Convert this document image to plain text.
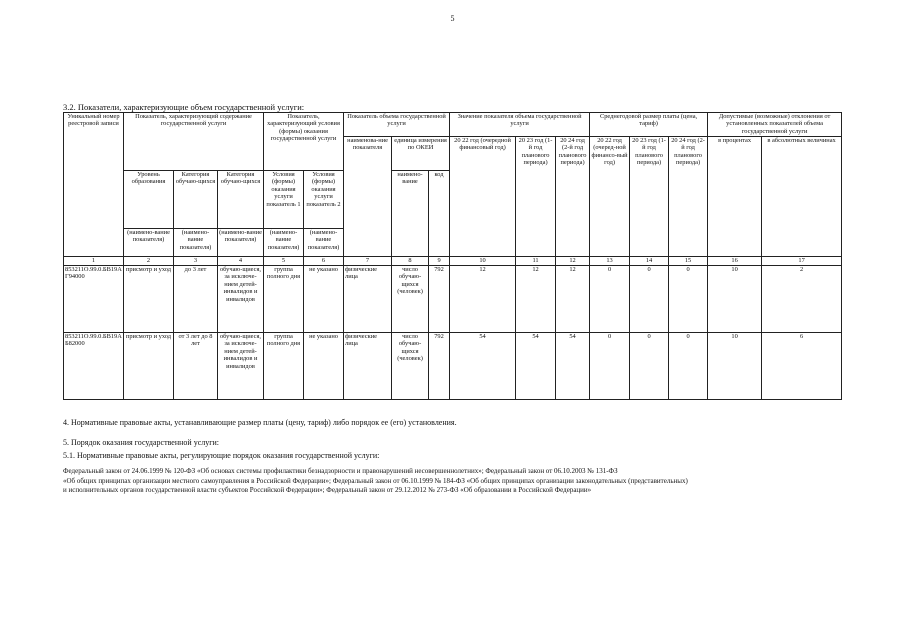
5
3.2. Показатели, характеризующие объем государственной услуги:
Уникальный номер реестровой записи	Показатель, характеризующий содержание государственной услуги			Показатель, характеризующий условия (формы) оказания государственной услуги		Показатель объема государственной услуги			Значение показателя объема государственной услуги			Среднегодовой размер платы (цена, тариф)			Допустимые (возможные) отклонения от установленных показателей объема государственной услуги	
						наименова-ние показателя	единица измерения по ОКЕИ		20 22 год (очередной финансовый год)	20 23 год (1-й год планового периода)	20 24 год (2-й год планового периода)	20 22 год (очеред-ной финансо-вый год)	20 23 год (1-й год планового периода)	20 24 год (2-й год планового периода)	в процентах	в абсолютных величинах
	Уровень образования	Категория обучаю-щихся	Категория обучаю-щихся	Условия (формы) оказания услуги показатель 1	Условия (формы) оказания услуги показатель 2		наимено-вание	код								
	(наимено-вание показателя)	(наимено-вание показателя)	(наимено-вание показателя)	(наимено-вание показателя)	(наимено-вание показателя)											
1	2	3	4	5	6	7	8	9	10	11	12	13	14	15	16	17
853211О.99.0.БВ19АГ94000	присмотр и уход	до 3 лет	обучаю-щиеся, за исключе-нием детей-инвалидов и инвалидов	группа полного дня	не указано	физические лица	число обучаю-щихся (человек)	792	12	12	12	0	0	0	10	2
853211О.99.0.БВ19АБ82000	присмотр и уход	от 3 лет до 8 лет	обучаю-щиеся, за исключе-нием детей-инвалидов и инвалидов	группа полного дня	не указано	физические лица	число обучаю-щихся (человек)	792	54	54	54	0	0	0	10	6
4. Нормативные правовые акты, устанавливающие размер платы (цену, тариф) либо порядок ее (его) установления.
5. Порядок оказания государственной услуги:
5.1. Нормативные правовые акты, регулирующие порядок оказания государственной услуги:
Федеральный закон от 24.06.1999 № 120-ФЗ «Об основах системы профилактики безнадзорности и правонарушений несовершеннолетних»; Федеральный закон от 06.10.2003 № 131-ФЗ
«Об общих принципах организации местного самоуправления в Российской Федерации»; Федеральный закон от 06.10.1999 № 184-ФЗ «Об общих принципах организации законодательных (представительных)
и исполнительных органов государственной власти субъектов Российской Федерации»; Федеральный закон от 29.12.2012 № 273-ФЗ «Об образовании в Российской Федерации»
